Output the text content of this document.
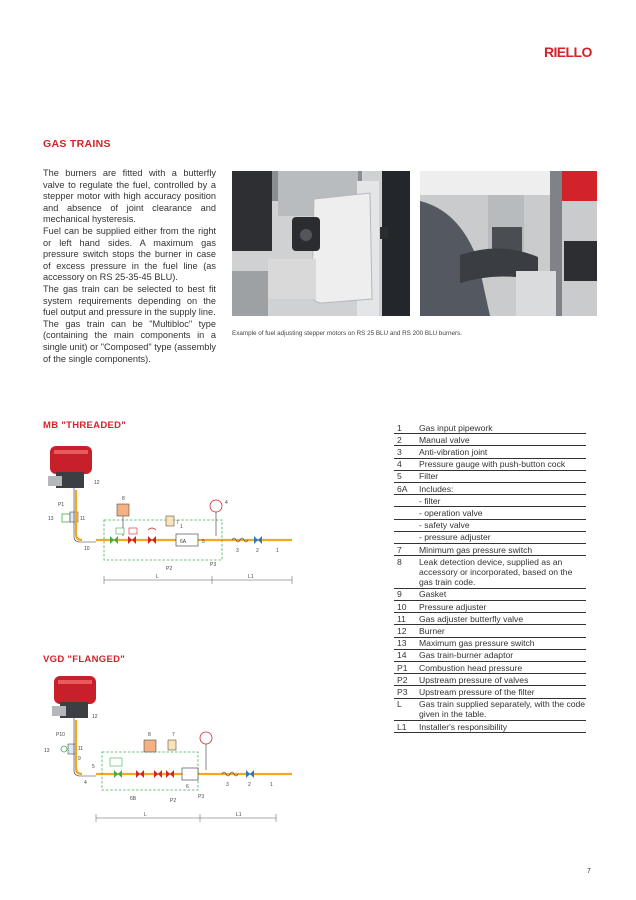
RIELLO
GAS TRAINS

The burners are fitted with a butterfly valve to regulate the fuel, controlled by a stepper motor with high accuracy position and absence of joint clearance and mechanical hysteresis.

Fuel can be supplied either from the right or left hand sides. A maximum gas pressure switch stops the burner in case of excess pressure in the fuel line (as accessory on RS 25-35-45 BLU).

The gas train can be selected to best fit system requirements depending on the fuel output and pressure in the supply line.

The gas train can be "Multibloc" type (containing the main components in a single unit) or "Composed" type (assembly of the single components).

Example of fuel adjusting stepper motors on RS 25 BLU and RS 200 BLU burners.
MB "THREADED"
12
P1
13	11
10
8
7
1
6A
P2
5
4
P3
3	2	1
L	L1
VGD "FLANGED"
12
P10
13	11
9
5
4
8	7
6B	P2
6
P3
3	2	1
L	L1
1	Gas input pipework
2	Manual valve
3	Anti-vibration joint
4	Pressure gauge with push-button cock
5	Filter
6A	Includes:
	- filter
	- operation valve
	- safety valve
	- pressure adjuster
7	Minimum gas pressure switch
8	Leak detection device, supplied as an accessory or incorporated, based on the gas train code.
9	Gasket
10	Pressure adjuster
11	Gas adjuster butterfly valve
12	Burner
13	Maximum gas pressure switch
14	Gas train-burner adaptor
P1	Combustion head pressure
P2	Upstream pressure of valves
P3	Upstream pressure of the filter
L	Gas train supplied separately, with the code given in the table.
L1	Installer's responsibility
7
